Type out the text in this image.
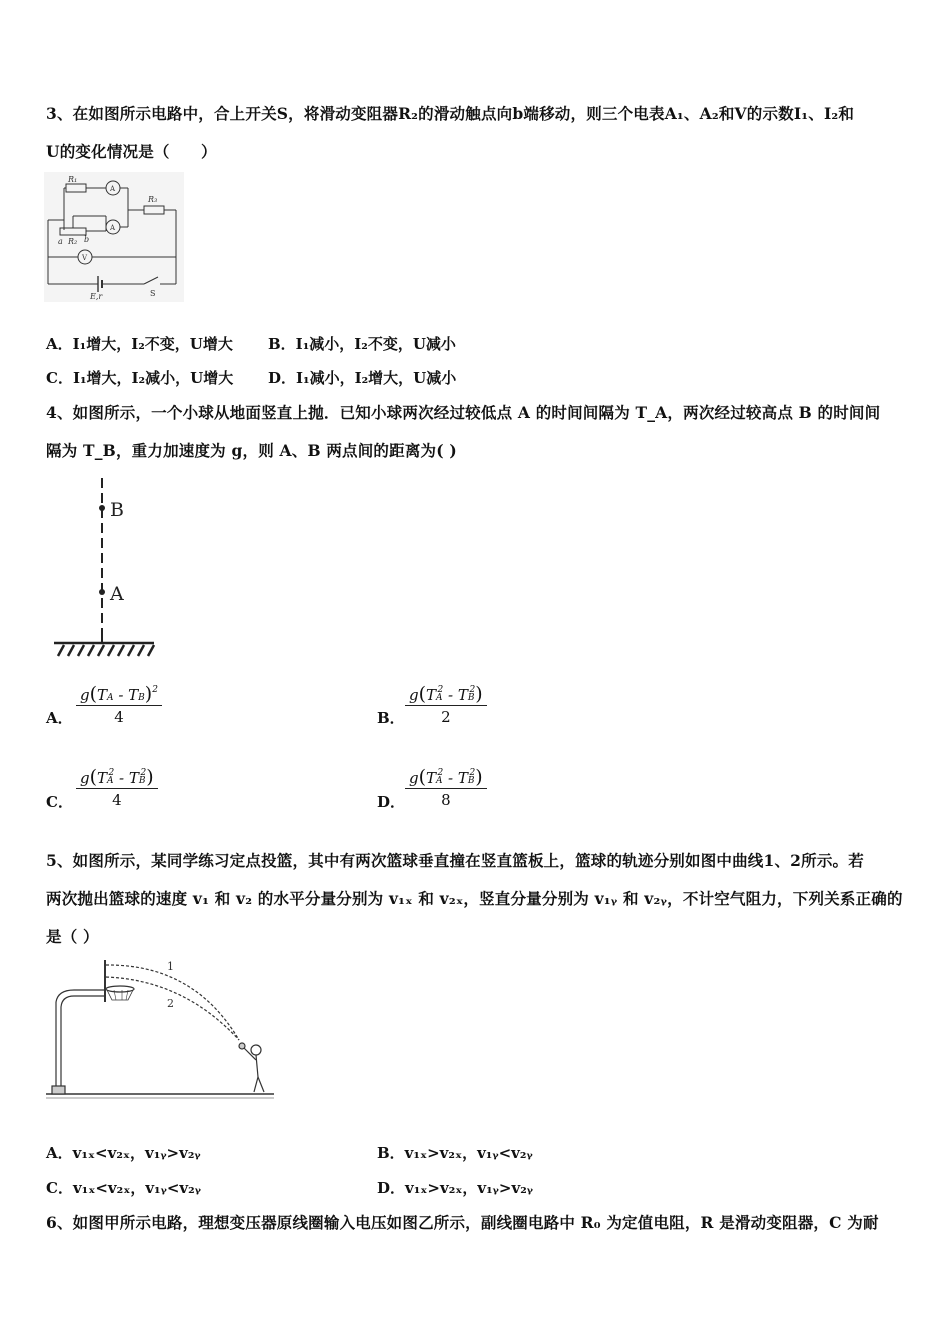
3、在如图所示电路中，合上开关S，将滑动变阻器R₂的滑动触点向b端移动，则三个电表A₁、A₂和V的示数I₁、I₂和
U的变化情况是（　　）
R₁
R₃
a R₂ b
A
A
V
S
E,r
A．I₁增大，I₂不变，U增大 B．I₁减小，I₂不变，U减小
C．I₁增大，I₂减小，U增大 D．I₁减小，I₂增大，U减小
4、如图所示，一个小球从地面竖直上抛．已知小球两次经过较低点 A 的时间间隔为 T_A，两次经过较高点 B 的时间间
隔为 T_B，重力加速度为 g，则 A、B 两点间的距离为( )
B
A
A． $\frac{g(TA - TB)^2}{4}$	B． $\frac{g(TA^2 - TB^2)}{2}$
C． $\frac{g(TA^2 - TB^2)}{4}$	D． $\frac{g(TA^2 - TB^2)}{8}$
5、如图所示，某同学练习定点投篮，其中有两次篮球垂直撞在竖直篮板上，篮球的轨迹分别如图中曲线1、2所示。若
两次抛出篮球的速度 v₁ 和 v₂ 的水平分量分别为 v₁ₓ 和 v₂ₓ，竖直分量分别为 v₁ᵧ 和 v₂ᵧ，不计空气阻力，下列关系正确的
是（ ）
1
2
A．v₁ₓ<v₂ₓ，v₁ᵧ>v₂ᵧ	B．v₁ₓ>v₂ₓ，v₁ᵧ<v₂ᵧ
C．v₁ₓ<v₂ₓ，v₁ᵧ<v₂ᵧ	D．v₁ₓ>v₂ₓ，v₁ᵧ>v₂ᵧ
6、如图甲所示电路，理想变压器原线圈输入电压如图乙所示，副线圈电路中 R₀ 为定值电阻，R 是滑动变阻器，C 为耐
